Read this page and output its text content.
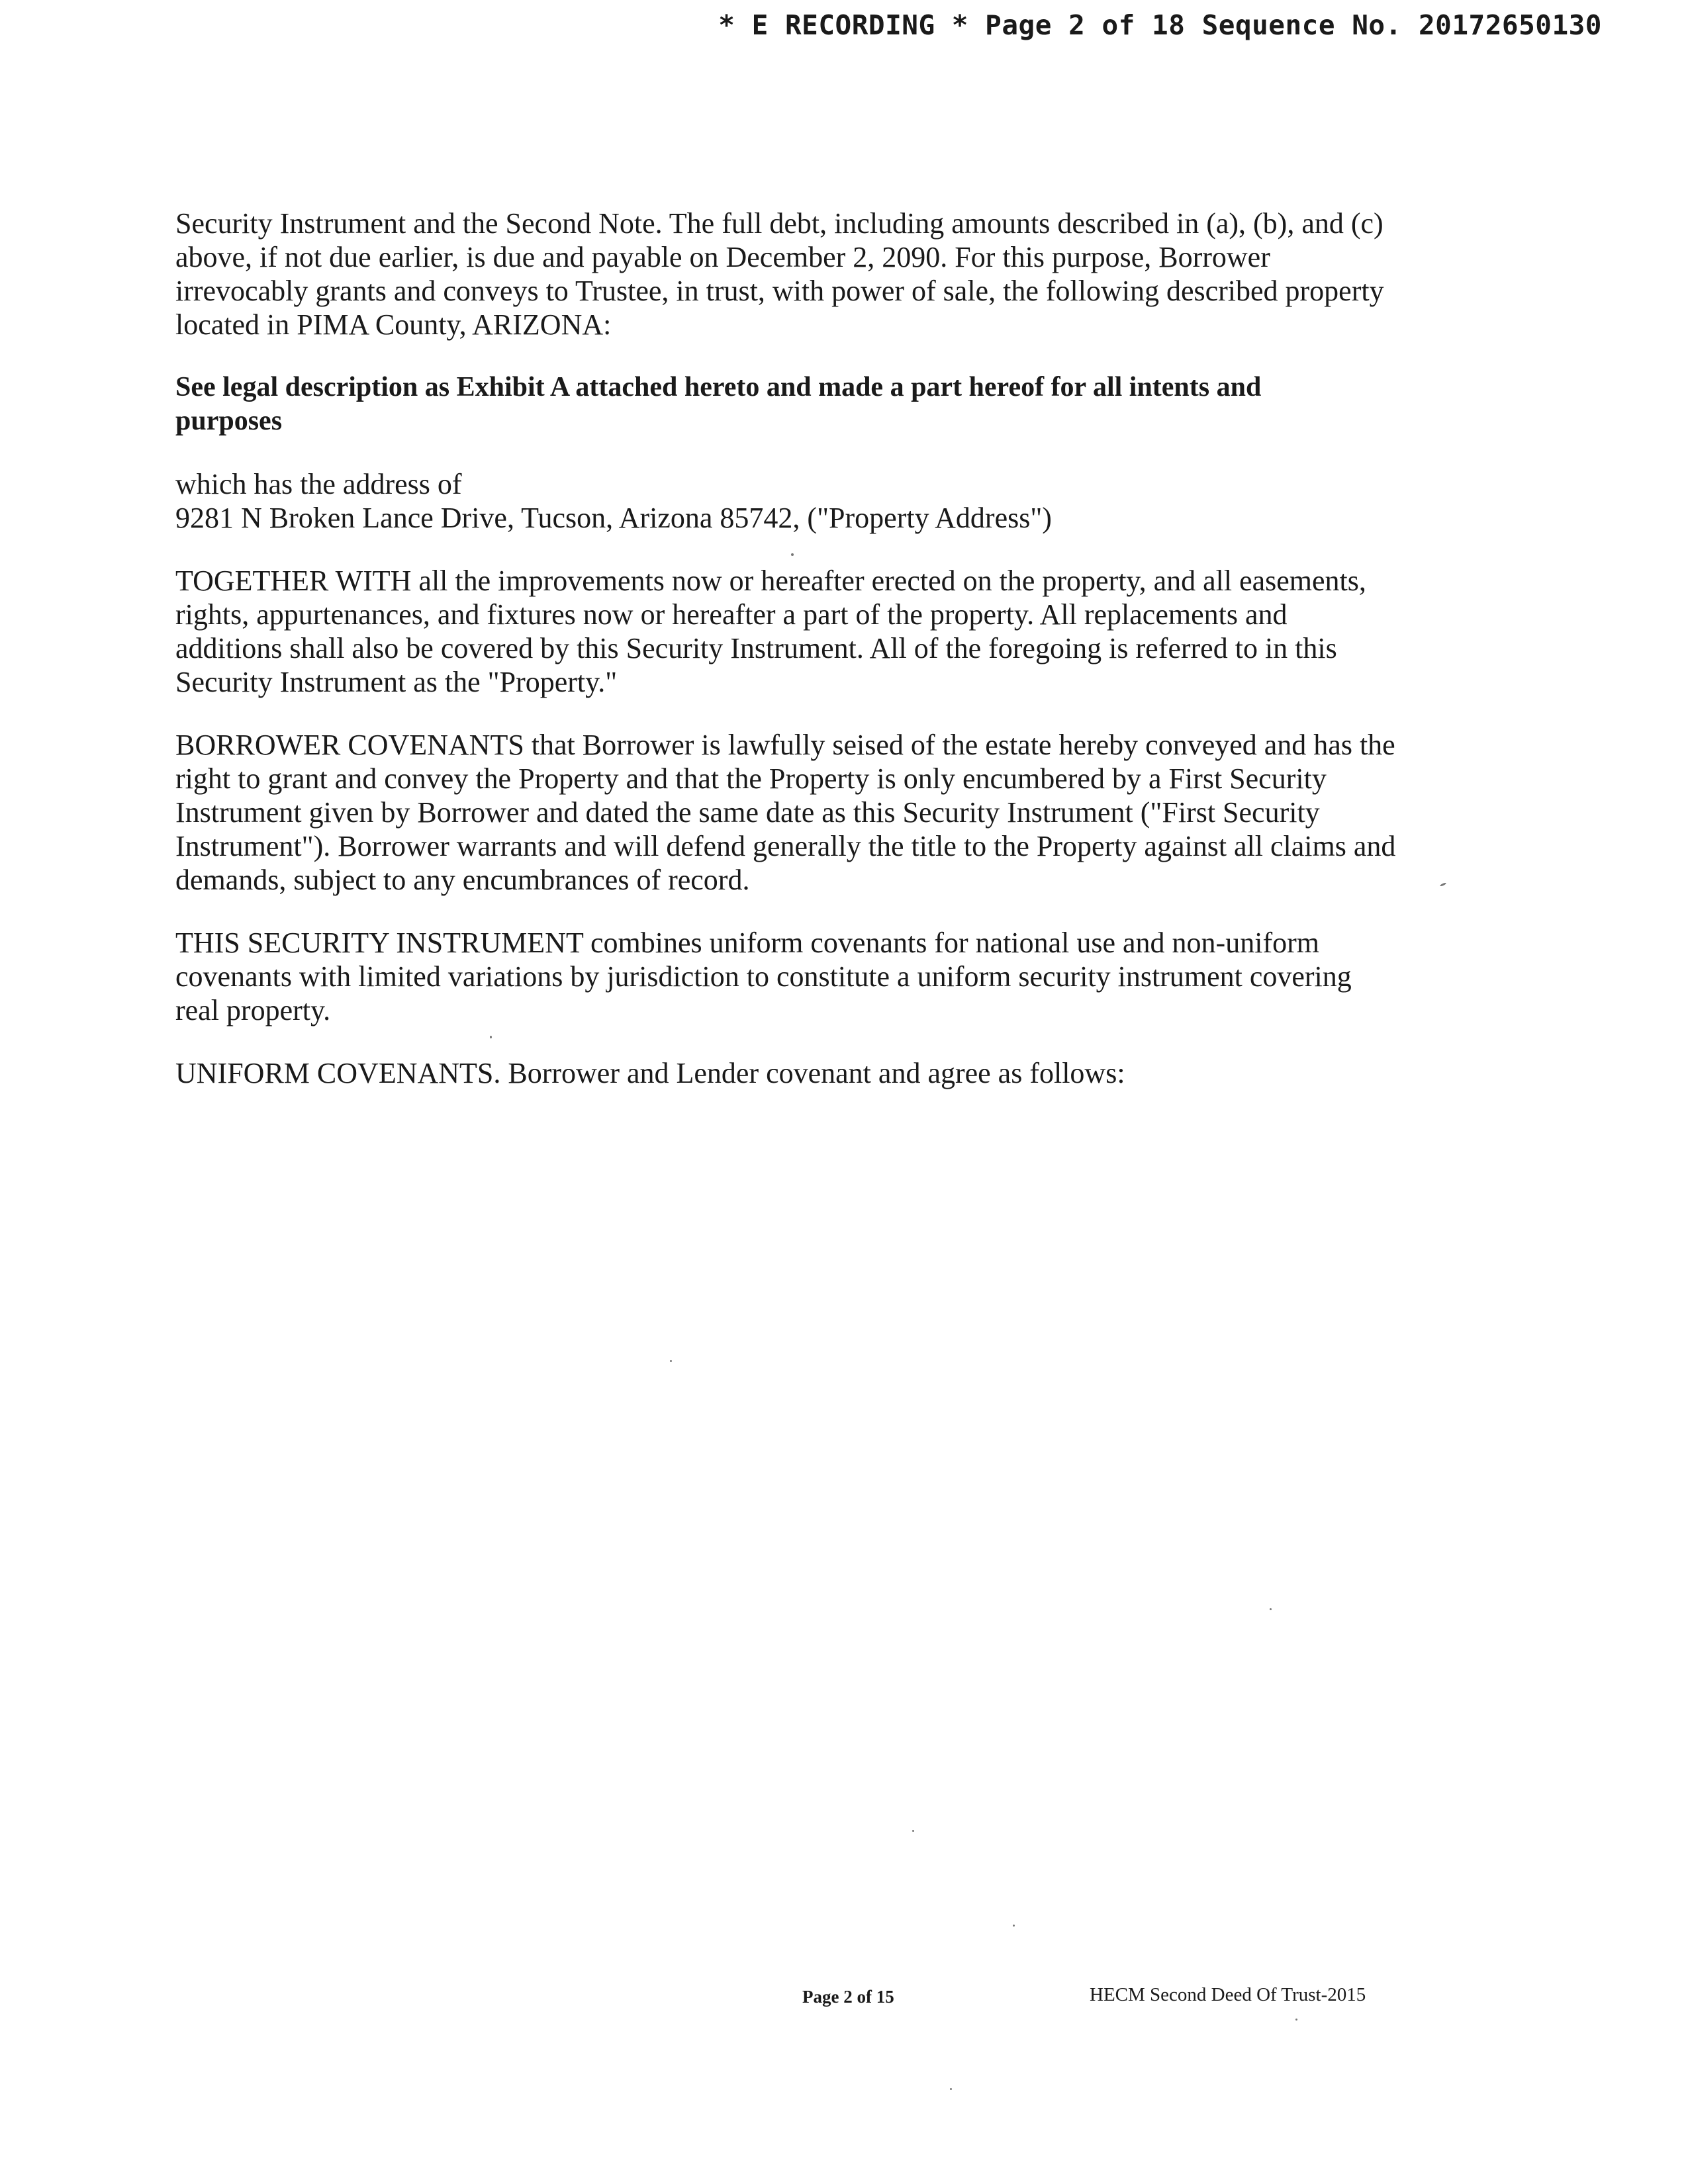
* E RECORDING * Page 2 of 18 Sequence No. 20172650130

Security Instrument and the Second Note. The full debt, including amounts described in (a), (b), and (c)
above, if not due earlier, is due and payable on December 2, 2090. For this purpose, Borrower
irrevocably grants and conveys to Trustee, in trust, with power of sale, the following described property
located in PIMA County, ARIZONA:

See legal description as Exhibit A attached hereto and made a part hereof for all intents and
purposes

which has the address of
9281 N Broken Lance Drive, Tucson, Arizona 85742, ("Property Address")

TOGETHER WITH all the improvements now or hereafter erected on the property, and all easements,
rights, appurtenances, and fixtures now or hereafter a part of the property. All replacements and
additions shall also be covered by this Security Instrument. All of the foregoing is referred to in this
Security Instrument as the "Property."

BORROWER COVENANTS that Borrower is lawfully seised of the estate hereby conveyed and has the
right to grant and convey the Property and that the Property is only encumbered by a First Security
Instrument given by Borrower and dated the same date as this Security Instrument ("First Security
Instrument"). Borrower warrants and will defend generally the title to the Property against all claims and
demands, subject to any encumbrances of record.

THIS SECURITY INSTRUMENT combines uniform covenants for national use and non-uniform
covenants with limited variations by jurisdiction to constitute a uniform security instrument covering
real property.

UNIFORM COVENANTS. Borrower and Lender covenant and agree as follows:

Page 2 of 15	HECM Second Deed Of Trust-2015
